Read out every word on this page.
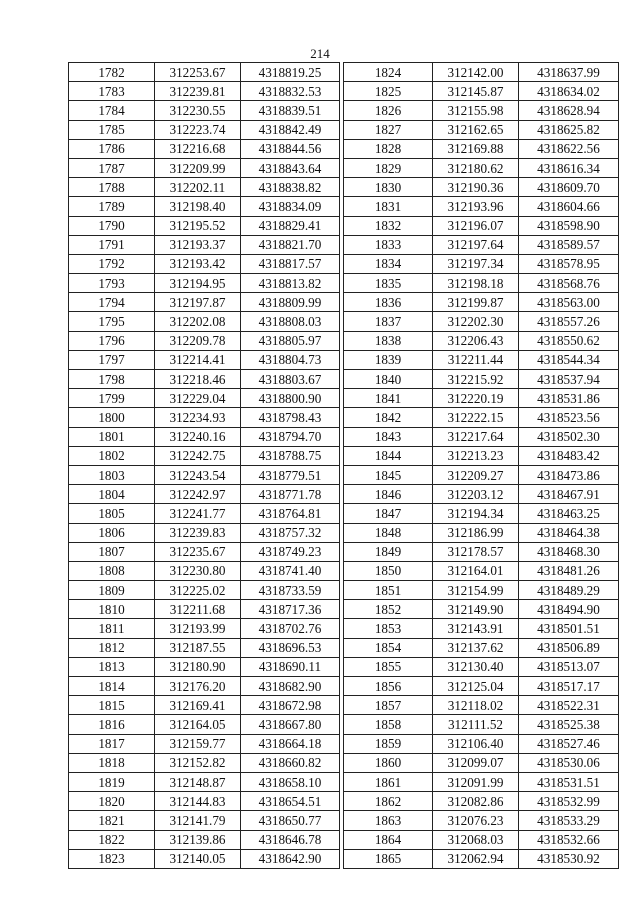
214
1782	312253.67	4318819.25
1783	312239.81	4318832.53
1784	312230.55	4318839.51
1785	312223.74	4318842.49
1786	312216.68	4318844.56
1787	312209.99	4318843.64
1788	312202.11	4318838.82
1789	312198.40	4318834.09
1790	312195.52	4318829.41
1791	312193.37	4318821.70
1792	312193.42	4318817.57
1793	312194.95	4318813.82
1794	312197.87	4318809.99
1795	312202.08	4318808.03
1796	312209.78	4318805.97
1797	312214.41	4318804.73
1798	312218.46	4318803.67
1799	312229.04	4318800.90
1800	312234.93	4318798.43
1801	312240.16	4318794.70
1802	312242.75	4318788.75
1803	312243.54	4318779.51
1804	312242.97	4318771.78
1805	312241.77	4318764.81
1806	312239.83	4318757.32
1807	312235.67	4318749.23
1808	312230.80	4318741.40
1809	312225.02	4318733.59
1810	312211.68	4318717.36
1811	312193.99	4318702.76
1812	312187.55	4318696.53
1813	312180.90	4318690.11
1814	312176.20	4318682.90
1815	312169.41	4318672.98
1816	312164.05	4318667.80
1817	312159.77	4318664.18
1818	312152.82	4318660.82
1819	312148.87	4318658.10
1820	312144.83	4318654.51
1821	312141.79	4318650.77
1822	312139.86	4318646.78
1823	312140.05	4318642.90
1824	312142.00	4318637.99
1825	312145.87	4318634.02
1826	312155.98	4318628.94
1827	312162.65	4318625.82
1828	312169.88	4318622.56
1829	312180.62	4318616.34
1830	312190.36	4318609.70
1831	312193.96	4318604.66
1832	312196.07	4318598.90
1833	312197.64	4318589.57
1834	312197.34	4318578.95
1835	312198.18	4318568.76
1836	312199.87	4318563.00
1837	312202.30	4318557.26
1838	312206.43	4318550.62
1839	312211.44	4318544.34
1840	312215.92	4318537.94
1841	312220.19	4318531.86
1842	312222.15	4318523.56
1843	312217.64	4318502.30
1844	312213.23	4318483.42
1845	312209.27	4318473.86
1846	312203.12	4318467.91
1847	312194.34	4318463.25
1848	312186.99	4318464.38
1849	312178.57	4318468.30
1850	312164.01	4318481.26
1851	312154.99	4318489.29
1852	312149.90	4318494.90
1853	312143.91	4318501.51
1854	312137.62	4318506.89
1855	312130.40	4318513.07
1856	312125.04	4318517.17
1857	312118.02	4318522.31
1858	312111.52	4318525.38
1859	312106.40	4318527.46
1860	312099.07	4318530.06
1861	312091.99	4318531.51
1862	312082.86	4318532.99
1863	312076.23	4318533.29
1864	312068.03	4318532.66
1865	312062.94	4318530.92
